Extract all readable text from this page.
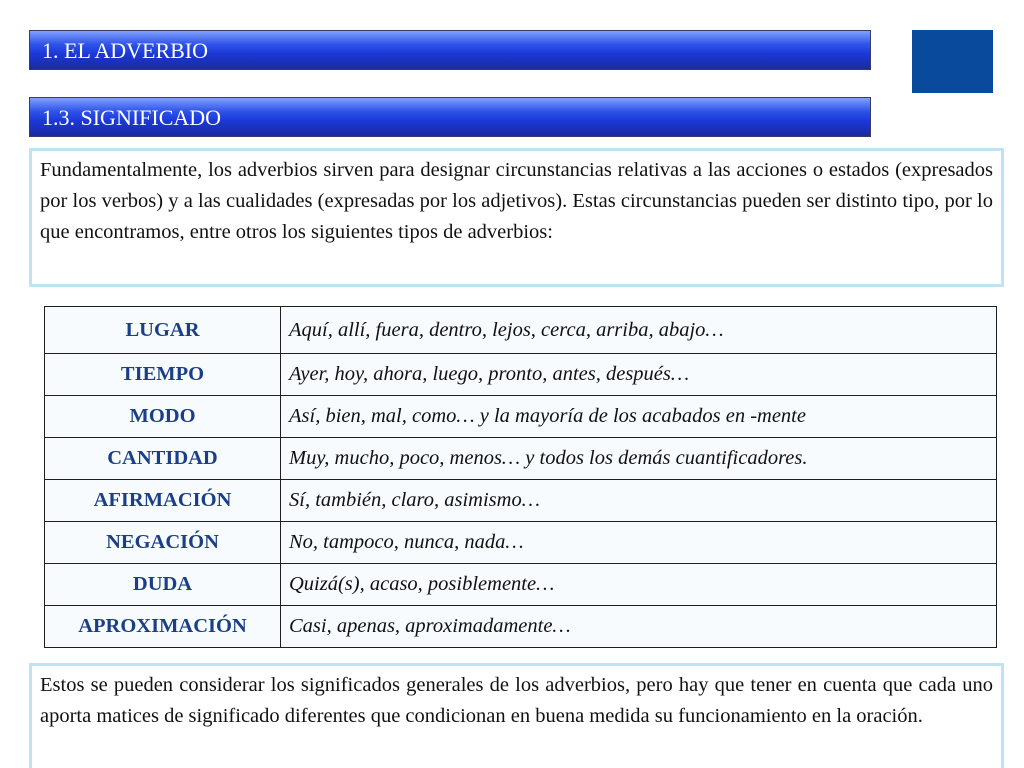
1. EL ADVERBIO
1.3. SIGNIFICADO
Fundamentalmente, los adverbios sirven para designar circunstancias relativas a las acciones o estados (expresados por los verbos) y a las cualidades (expresadas por los adjetivos). Estas circunstancias pueden ser distinto tipo, por lo que encontramos, entre otros los siguientes tipos de adverbios:
LUGAR	Aquí, allí, fuera, dentro, lejos, cerca, arriba, abajo…
TIEMPO	Ayer, hoy, ahora, luego, pronto, antes, después…
MODO	Así, bien, mal, como… y la mayoría de los acabados en -mente
CANTIDAD	Muy, mucho, poco, menos… y todos los demás cuantificadores.
AFIRMACIÓN	Sí, también, claro, asimismo…
NEGACIÓN	No, tampoco, nunca, nada…
DUDA	Quizá(s), acaso, posiblemente…
APROXIMACIÓN	Casi, apenas, aproximadamente…
Estos se pueden considerar los significados generales de los adverbios, pero hay que tener en cuenta que cada uno aporta matices de significado diferentes que condicionan en buena medida su funcionamiento en la oración.
